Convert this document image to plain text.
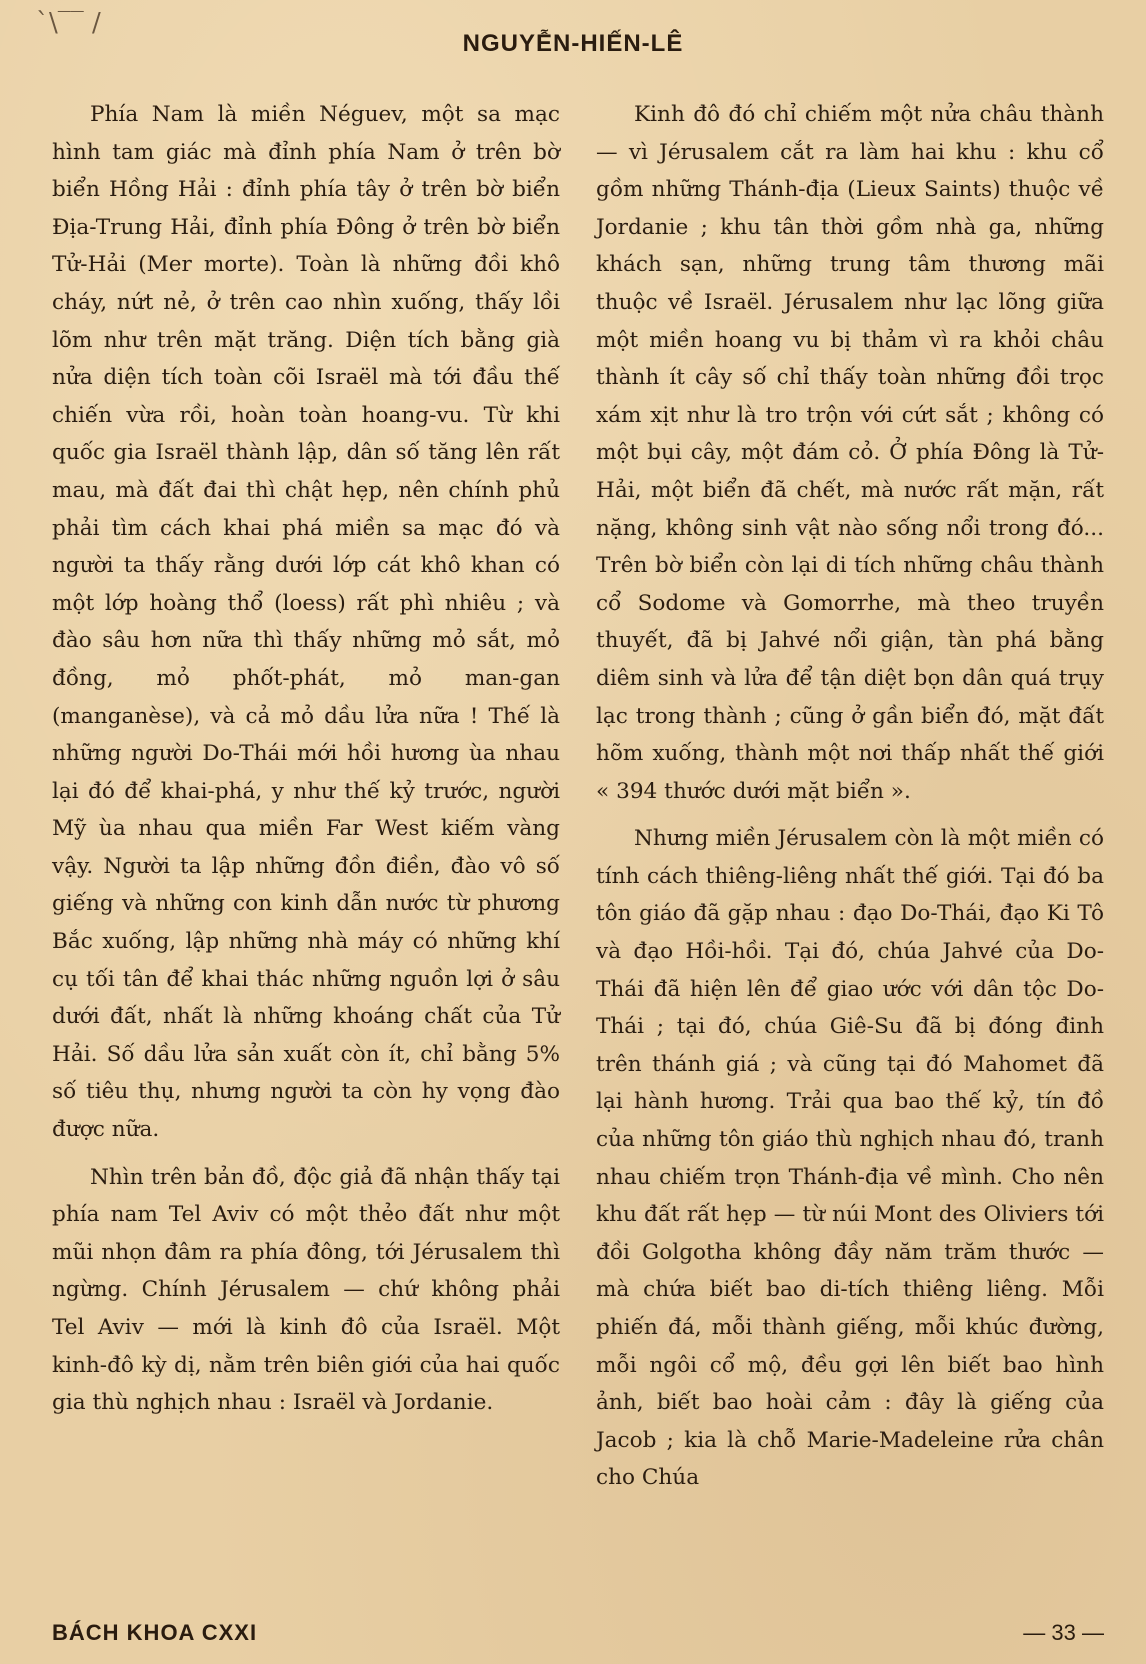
`\‾‾ /
NGUYỄN-HIẾN-LÊ

Phía Nam là miền Néguev, một sa mạc hình tam giác mà đỉnh phía Nam ở trên bờ biển Hồng Hải : đỉnh phía tây ở trên bờ biển Địa-Trung Hải, đỉnh phía Đông ở trên bờ biển Tử-Hải (Mer morte). Toàn là những đồi khô cháy, nứt nẻ, ở trên cao nhìn xuống, thấy lồi lõm như trên mặt trăng. Diện tích bằng già nửa diện tích toàn cõi Israël mà tới đầu thế chiến vừa rồi, hoàn toàn hoang-vu. Từ khi quốc gia Israël thành lập, dân số tăng lên rất mau, mà đất đai thì chật hẹp, nên chính phủ phải tìm cách khai phá miền sa mạc đó và người ta thấy rằng dưới lớp cát khô khan có một lớp hoàng thổ (loess) rất phì nhiêu ; và đào sâu hơn nữa thì thấy những mỏ sắt, mỏ đồng, mỏ phốt-phát, mỏ man-gan (manganèse), và cả mỏ dầu lửa nữa ! Thế là những người Do-Thái mới hồi hương ùa nhau lại đó để khai-phá, y như thế kỷ trước, người Mỹ ùa nhau qua miền Far West kiếm vàng vậy. Người ta lập những đồn điền, đào vô số giếng và những con kinh dẫn nước từ phương Bắc xuống, lập những nhà máy có những khí cụ tối tân để khai thác những nguồn lợi ở sâu dưới đất, nhất là những khoáng chất của Tử Hải. Số dầu lửa sản xuất còn ít, chỉ bằng 5% số tiêu thụ, nhưng người ta còn hy vọng đào được nữa.

Nhìn trên bản đồ, độc giả đã nhận thấy tại phía nam Tel Aviv có một thẻo đất như một mũi nhọn đâm ra phía đông, tới Jérusalem thì ngừng. Chính Jérusalem — chứ không phải Tel Aviv — mới là kinh đô của Israël. Một kinh-đô kỳ dị, nằm trên biên giới của hai quốc gia thù nghịch nhau : Israël và Jordanie.

Kinh đô đó chỉ chiếm một nửa châu thành — vì Jérusalem cắt ra làm hai khu : khu cổ gồm những Thánh-địa (Lieux Saints) thuộc về Jordanie ; khu tân thời gồm nhà ga, những khách sạn, những trung tâm thương mãi thuộc về Israël. Jérusalem như lạc lõng giữa một miền hoang vu bị thảm vì ra khỏi châu thành ít cây số chỉ thấy toàn những đồi trọc xám xịt như là tro trộn với cứt sắt ; không có một bụi cây, một đám cỏ. Ở phía Đông là Tử-Hải, một biển đã chết, mà nước rất mặn, rất nặng, không sinh vật nào sống nổi trong đó... Trên bờ biển còn lại di tích những châu thành cổ Sodome và Gomorrhe, mà theo truyền thuyết, đã bị Jahvé nổi giận, tàn phá bằng diêm sinh và lửa để tận diệt bọn dân quá trụy lạc trong thành ; cũng ở gần biển đó, mặt đất hõm xuống, thành một nơi thấp nhất thế giới « 394 thước dưới mặt biển ».

Nhưng miền Jérusalem còn là một miền có tính cách thiêng-liêng nhất thế giới. Tại đó ba tôn giáo đã gặp nhau : đạo Do-Thái, đạo Ki Tô và đạo Hồi-hồi. Tại đó, chúa Jahvé của Do-Thái đã hiện lên để giao ước với dân tộc Do-Thái ; tại đó, chúa Giê-Su đã bị đóng đinh trên thánh giá ; và cũng tại đó Mahomet đã lại hành hương. Trải qua bao thế kỷ, tín đồ của những tôn giáo thù nghịch nhau đó, tranh nhau chiếm trọn Thánh-địa về mình. Cho nên khu đất rất hẹp — từ núi Mont des Oliviers tới đồi Golgotha không đầy năm trăm thước — mà chứa biết bao di-tích thiêng liêng. Mỗi phiến đá, mỗi thành giếng, mỗi khúc đường, mỗi ngôi cổ mộ, đều gợi lên biết bao hình ảnh, biết bao hoài cảm : đây là giếng của Jacob ; kia là chỗ Marie-Madeleine rửa chân cho Chúa

BÁCH KHOA CXXI	— 33 —
